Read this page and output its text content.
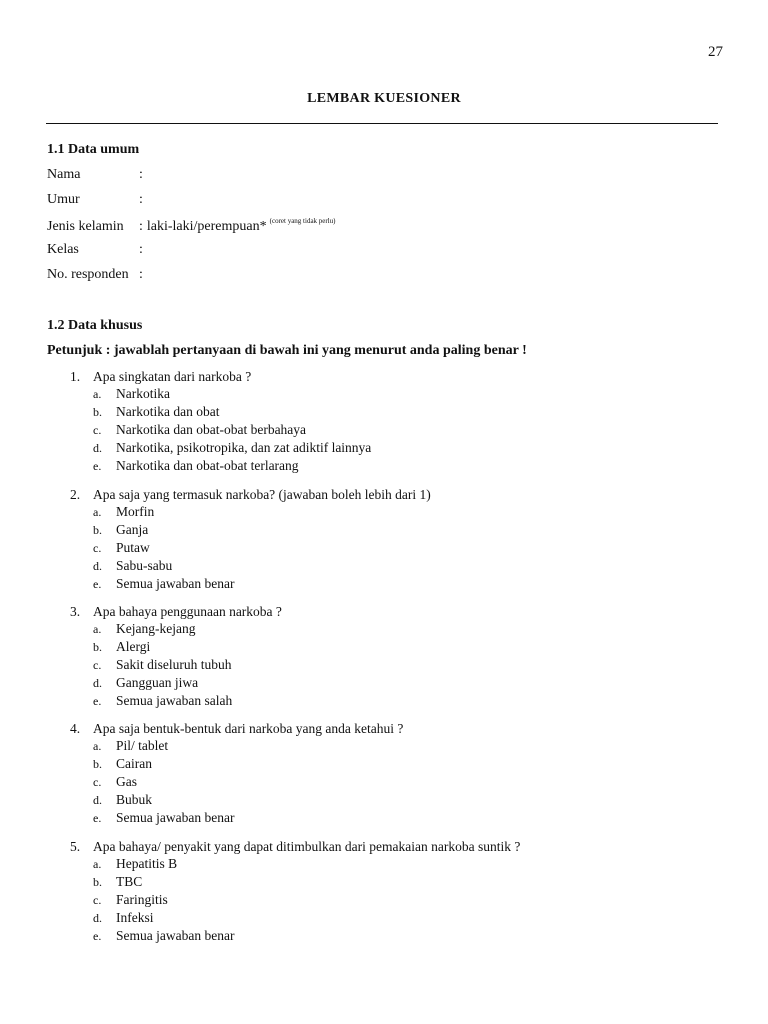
27
LEMBAR KUESIONER
1.1 Data umum
Nama	:
Umur	:
Jenis kelamin : laki-laki/perempuan* $^{(coret yang tidak perlu)}$
Kelas	:
No. responden :
1.2 Data khusus
Petunjuk : jawablah pertanyaan di bawah ini yang menurut anda paling benar !
1. Apa singkatan dari narkoba ?
a. Narkotika
b. Narkotika dan obat
c. Narkotika dan obat-obat berbahaya
d. Narkotika, psikotropika, dan zat adiktif lainnya
e. Narkotika dan obat-obat terlarang
2. Apa saja yang termasuk narkoba? (jawaban boleh lebih dari 1)
a. Morfin
b. Ganja
c. Putaw
d. Sabu-sabu
e. Semua jawaban benar
3. Apa bahaya penggunaan narkoba ?
a. Kejang-kejang
b. Alergi
c. Sakit diseluruh tubuh
d. Gangguan jiwa
e. Semua jawaban salah
4. Apa saja bentuk-bentuk dari narkoba yang anda ketahui ?
a. Pil/ tablet
b. Cairan
c. Gas
d. Bubuk
e. Semua jawaban benar
5. Apa bahaya/ penyakit yang dapat ditimbulkan dari pemakaian narkoba suntik ?
a. Hepatitis B
b. TBC
c. Faringitis
d. Infeksi
e. Semua jawaban benar
